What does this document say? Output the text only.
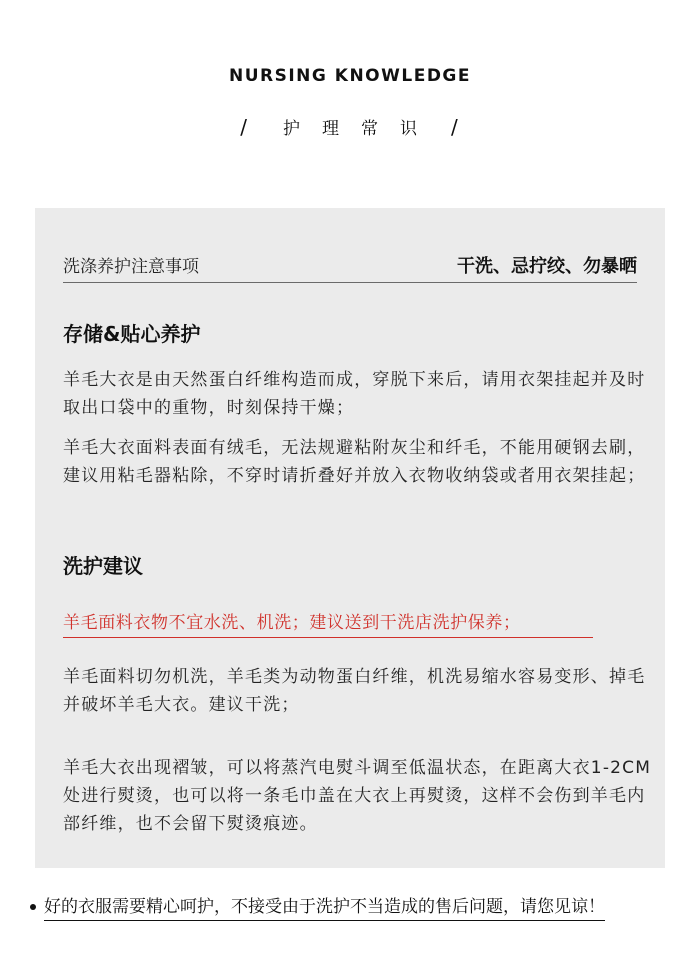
NURSING KNOWLEDGE
/ 护理常识 /
洗涤养护注意事项	干洗、忌拧绞、勿暴晒
存储&贴心养护
羊毛大衣是由天然蛋白纤维构造而成，穿脱下来后，请用衣架挂起并及时取出口袋中的重物，时刻保持干燥；
羊毛大衣面料表面有绒毛，无法规避粘附灰尘和纤毛，不能用硬钢去刷，建议用粘毛器粘除，不穿时请折叠好并放入衣物收纳袋或者用衣架挂起；
洗护建议
羊毛面料衣物不宜水洗、机洗；建议送到干洗店洗护保养；
羊毛面料切勿机洗，羊毛类为动物蛋白纤维，机洗易缩水容易变形、掉毛并破坏羊毛大衣。建议干洗；
羊毛大衣出现褶皱，可以将蒸汽电熨斗调至低温状态，在距离大衣1-2CM处进行熨烫，也可以将一条毛巾盖在大衣上再熨烫，这样不会伤到羊毛内部纤维，也不会留下熨烫痕迹。
好的衣服需要精心呵护，不接受由于洗护不当造成的售后问题，请您见谅！
